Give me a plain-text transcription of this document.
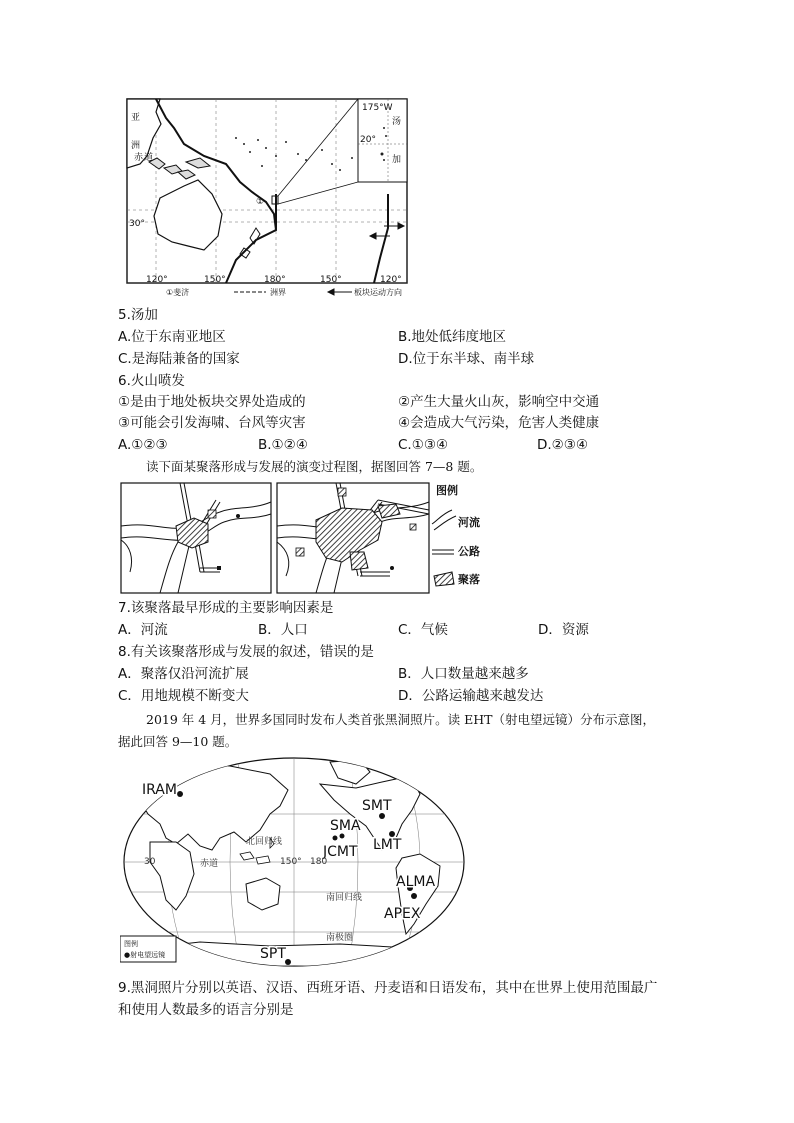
亚
洲
赤 道
30°
120°	150°	180°	150°	120°
①
175°W
20°
汤
加
①斐济	洲界	板块运动方向
5.汤加
A.位于东南亚地区	B.地处低纬度地区
C.是海陆兼备的国家	D.位于东半球、南半球
6.火山喷发
①是由于地处板块交界处造成的	②产生大量火山灰，影响空中交通
③可能会引发海啸、台风等灾害	④会造成大气污染，危害人类健康
A.①②③	B.①②④	C.①③④	D.②③④
读下面某聚落形成与发展的演变过程图，据图回答 7—8 题。
图例
河流
公路
聚落
7.该聚落最早形成的主要影响因素是
A．河流	B．人口	C．气候	D．资源
8.有关该聚落形成与发展的叙述，错误的是
A．聚落仅沿河流扩展	B．人口数量越来越多
C．用地规模不断变大	D．公路运输越来越发达
2019 年 4 月，世界多国同时发布人类首张黑洞照片。读 EHT（射电望远镜）分布示意图，
据此回答 9—10 题。
IRAM
SMT
SMA
JCMT LMT
ALMA
APEX
SPT
北回归线
赤道
南回归线
南极圈
30	150° 180
图例
●射电望远镜
9.黑洞照片分别以英语、汉语、西班牙语、丹麦语和日语发布，其中在世界上使用范围最广
和使用人数最多的语言分别是
